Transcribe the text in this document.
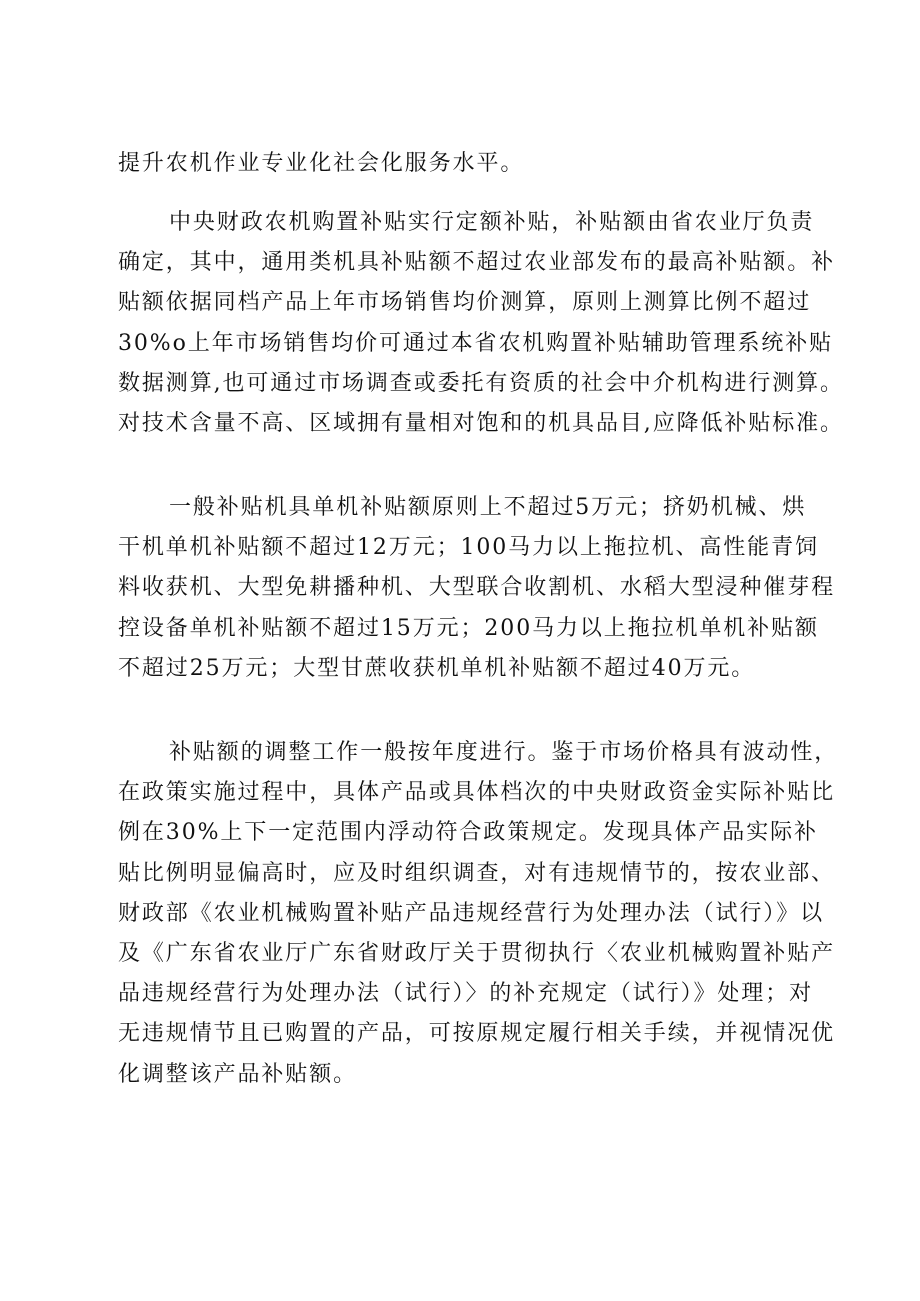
提升农机作业专业化社会化服务水平。
中央财政农机购置补贴实行定额补贴，补贴额由省农业厅负责
确定，其中，通用类机具补贴额不超过农业部发布的最高补贴额。补
贴额依据同档产品上年市场销售均价测算，原则上测算比例不超过
30%o上年市场销售均价可通过本省农机购置补贴辅助管理系统补贴
数据测算,也可通过市场调查或委托有资质的社会中介机构进行测算。
对技术含量不高、区域拥有量相对饱和的机具品目,应降低补贴标准。
一般补贴机具单机补贴额原则上不超过5万元；挤奶机械、烘
干机单机补贴额不超过12万元；100马力以上拖拉机、高性能青饲
料收获机、大型免耕播种机、大型联合收割机、水稻大型浸种催芽程
控设备单机补贴额不超过15万元；200马力以上拖拉机单机补贴额
不超过25万元；大型甘蔗收获机单机补贴额不超过40万元。
补贴额的调整工作一般按年度进行。鉴于市场价格具有波动性，
在政策实施过程中，具体产品或具体档次的中央财政资金实际补贴比
例在30%上下一定范围内浮动符合政策规定。发现具体产品实际补
贴比例明显偏高时，应及时组织调查，对有违规情节的，按农业部、
财政部《农业机械购置补贴产品违规经营行为处理办法（试行）》以
及《广东省农业厅广东省财政厅关于贯彻执行〈农业机械购置补贴产
品违规经营行为处理办法（试行）〉的补充规定（试行）》处理；对
无违规情节且已购置的产品，可按原规定履行相关手续，并视情况优
化调整该产品补贴额。
